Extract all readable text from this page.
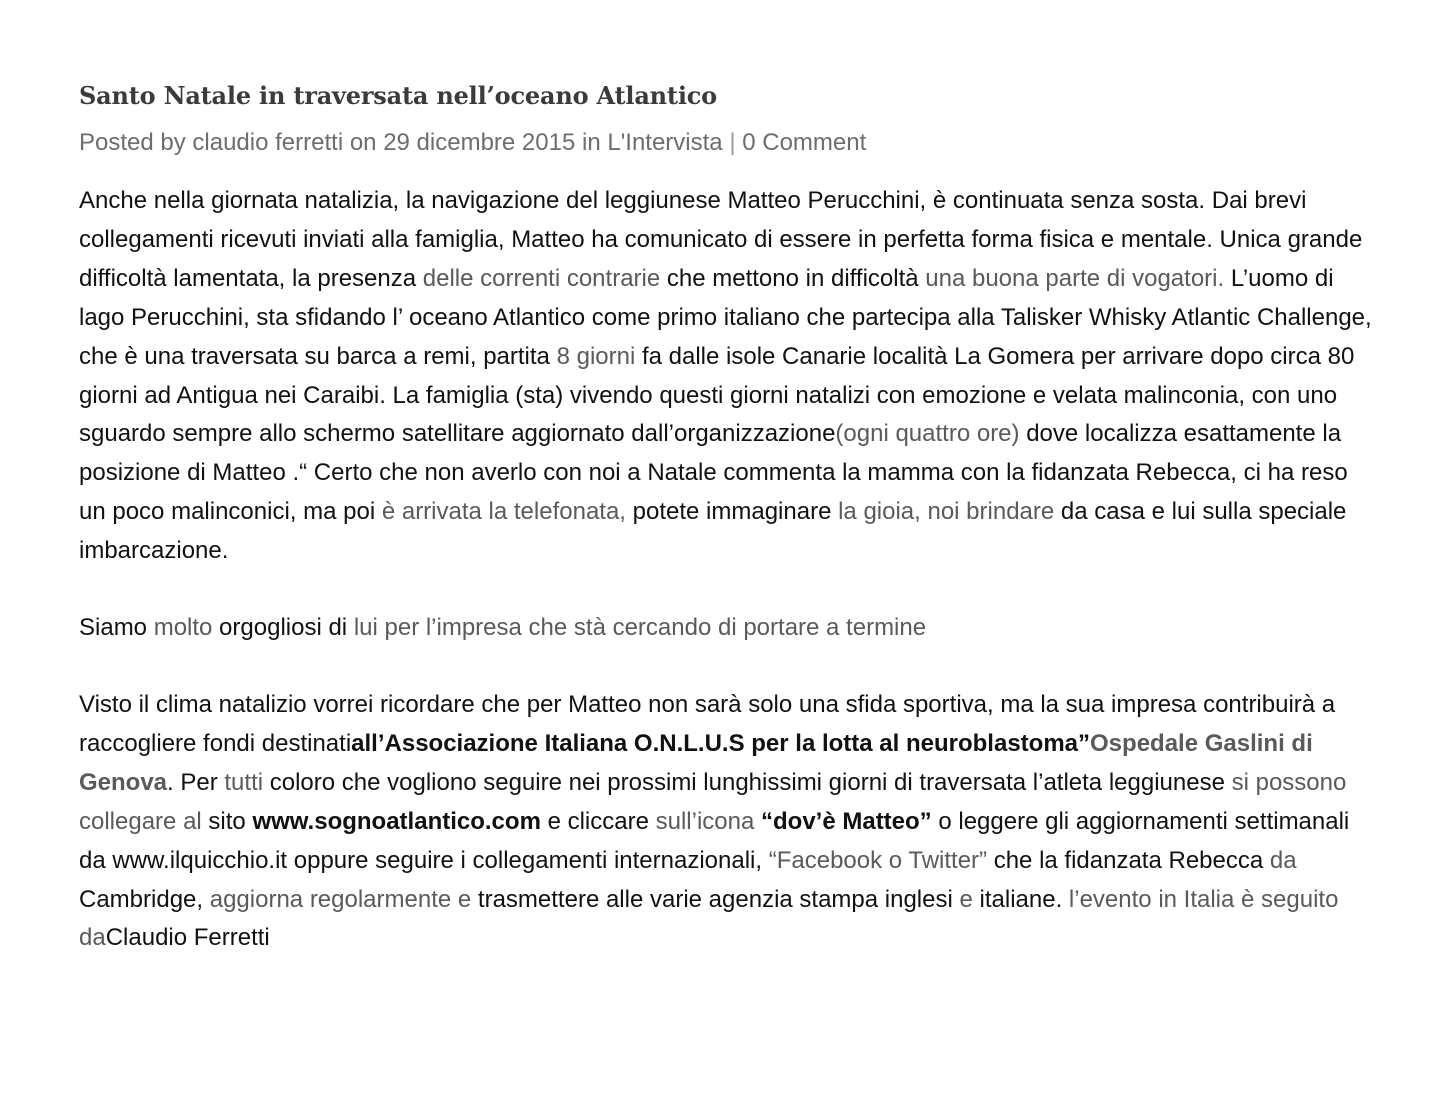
Santo Natale in traversata nell’oceano Atlantico
Posted by claudio ferretti on 29 dicembre 2015 in L'Intervista | 0 Comment

Anche nella giornata natalizia, la navigazione del leggiunese Matteo Perucchini, è continuata senza sosta. Dai brevi collegamenti ricevuti inviati alla famiglia, Matteo ha comunicato di essere in perfetta forma fisica e mentale. Unica grande difficoltà lamentata, la presenza delle correnti contrarie che mettono in difficoltà una buona parte di vogatori. L’uomo di lago Perucchini, sta sfidando l’ oceano Atlantico come primo italiano che partecipa alla Talisker Whisky Atlantic Challenge, che è una traversata su barca a remi, partita 8 giorni fa dalle isole Canarie località La Gomera per arrivare dopo circa 80 giorni ad Antigua nei Caraibi. La famiglia (sta) vivendo questi giorni natalizi con emozione e velata malinconia, con uno sguardo sempre allo schermo satellitare aggiornato dall’organizzazione(ogni quattro ore) dove localizza esattamente la posizione di Matteo .“ Certo che non averlo con noi a Natale commenta la mamma con la fidanzata Rebecca, ci ha reso un poco malinconici, ma poi è arrivata la telefonata, potete immaginare la gioia, noi brindare da casa e lui sulla speciale imbarcazione.

Siamo molto orgogliosi di lui per l’impresa che stà cercando di portare a termine

Visto il clima natalizio vorrei ricordare che per Matteo non sarà solo una sfida sportiva, ma la sua impresa contribuirà a raccogliere fondi destinatiall’Associazione Italiana O.N.L.U.S per la lotta al neuroblastoma”Ospedale Gaslini di Genova. Per tutti coloro che vogliono seguire nei prossimi lunghissimi giorni di traversata l’atleta leggiunese si possono collegare al sito www.sognoatlantico.com e cliccare sull’icona “dov’è Matteo” o leggere gli aggiornamenti settimanali da www.ilquicchio.it oppure seguire i collegamenti internazionali, “Facebook o Twitter” che la fidanzata Rebecca da Cambridge, aggiorna regolarmente e trasmettere alle varie agenzia stampa inglesi e italiane. l’evento in Italia è seguito daClaudio Ferretti
